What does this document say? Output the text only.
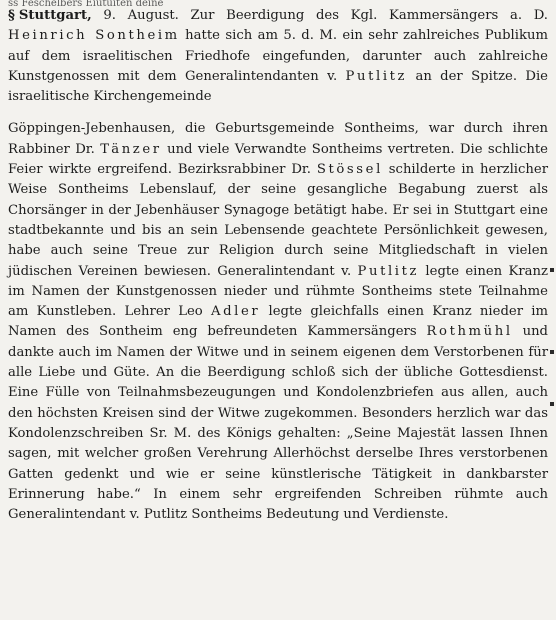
ss Feschelbers Eiutuiten deine

§ Stuttgart, 9. August. Zur Beerdigung des Kgl. Kammersängers a. D. Heinrich Sontheim hatte sich am 5. d. M. ein sehr zahlreiches Publikum auf dem israelitischen Friedhofe eingefunden, darunter auch zahlreiche Kunstgenossen mit dem Generalintendanten v. Putlitz an der Spitze. Die israelitische Kirchengemeinde

Göppingen-Jebenhausen, die Geburtsgemeinde Sontheims, war durch ihren Rabbiner Dr. Tänzer und viele Verwandte Sontheims vertreten. Die schlichte Feier wirkte ergreifend. Bezirksrabbiner Dr. Stössel schilderte in herzlicher Weise Sontheims Lebenslauf, der seine gesangliche Begabung zuerst als Chorsänger in der Jebenhäuser Synagoge betätigt habe. Er sei in Stuttgart eine stadtbekannte und bis an sein Lebensende geachtete Persönlichkeit gewesen, habe auch seine Treue zur Religion durch seine Mitgliedschaft in vielen jüdischen Vereinen bewiesen. Generalintendant v. Putlitz legte einen Kranz im Namen der Kunstgenossen nieder und rühmte Sontheims stete Teilnahme am Kunstleben. Lehrer Leo Adler legte gleichfalls einen Kranz nieder im Namen des Sontheim eng befreundeten Kammersängers Rothmühl und dankte auch im Namen der Witwe und in seinem eigenen dem Verstorbenen für alle Liebe und Güte. An die Beerdigung schloß sich der übliche Gottesdienst. Eine Fülle von Teilnahmsbezeugungen und Kondolenzbriefen aus allen, auch den höchsten Kreisen sind der Witwe zugekommen. Besonders herzlich war das Kondolenzschreiben Sr. M. des Königs gehalten: „Seine Majestät lassen Ihnen sagen, mit welcher großen Verehrung Allerhöchst derselbe Ihres verstorbenen Gatten gedenkt und wie er seine künstlerische Tätigkeit in dankbarster Erinnerung habe.“ In einem sehr ergreifenden Schreiben rühmte auch Generalintendant v. Putlitz Sontheims Bedeutung und Verdienste.
